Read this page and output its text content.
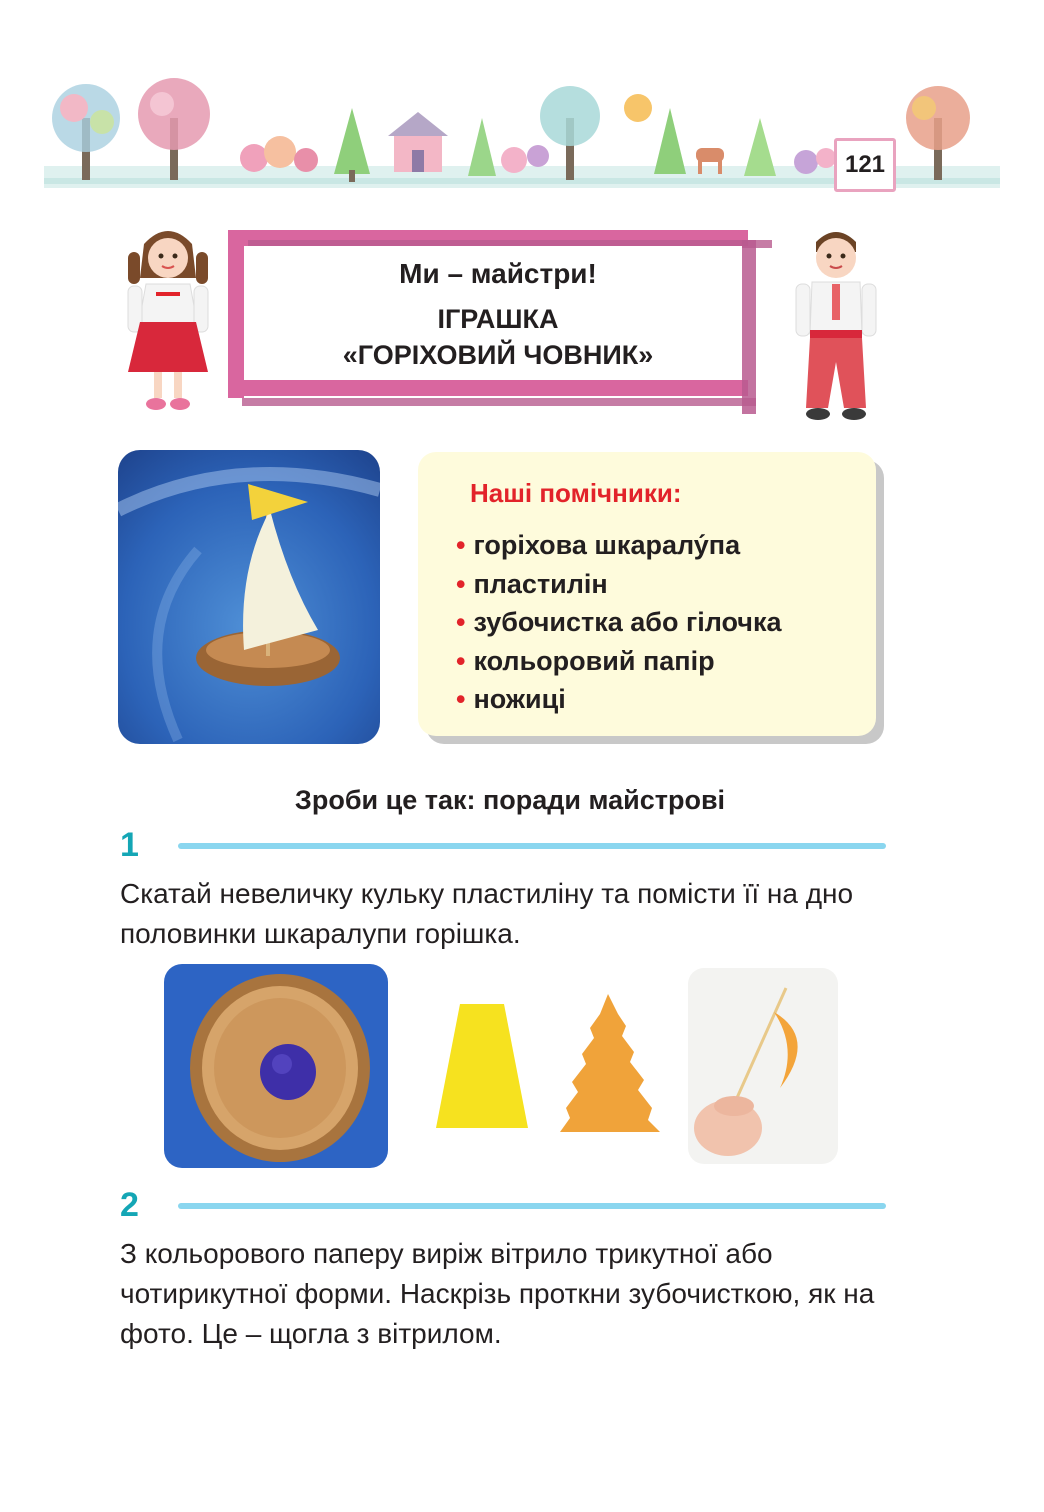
121
Ми – майстри!
ІГРАШКА
«ГОРІХОВИЙ ЧОВНИК»
Наші помічники:
• горіхова шкаралу́па
• пластилін
• зубочистка або гілочка
• кольоровий папір
• ножиці
Зроби це так: поради майстрові
1
Скатай невеличку кульку пластиліну та помісти її на дно половинки шкаралупи горішка.
2
З кольорового паперу виріж вітрило трикутної або чотирикутної форми. Наскрізь проткни зубочисткою, як на фото. Це – щогла з вітрилом.
